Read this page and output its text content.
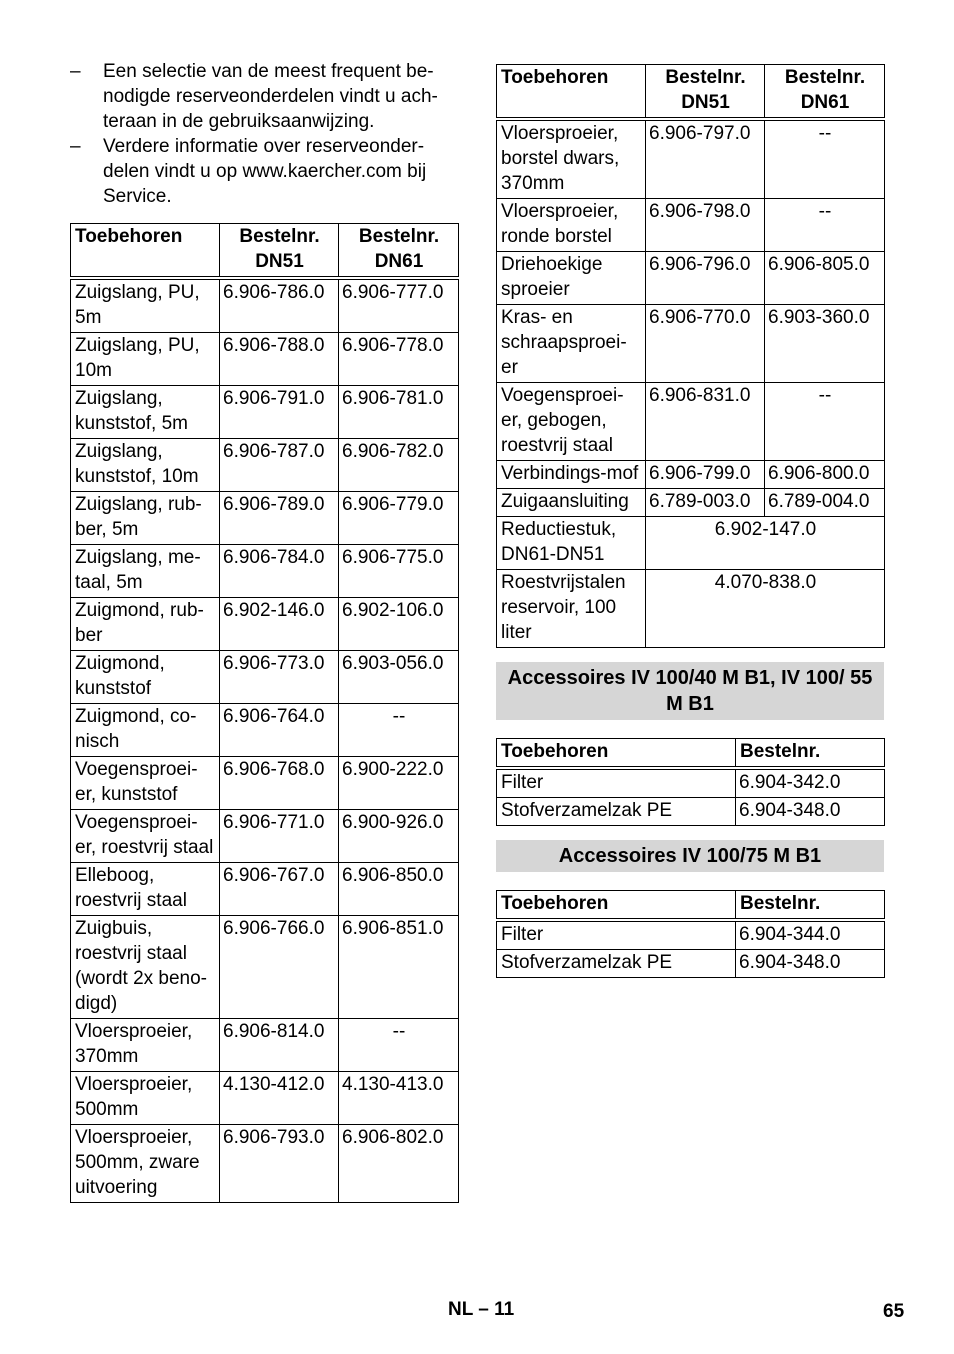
– Een selectie van de meest frequent be-nodigde reserveonderdelen vindt u ach-teraan in de gebruiksaanwijzing.
– Verdere informatie over reserveonder-delen vindt u op www.kaercher.com bij Service.
Toebehoren	Bestelnr. DN51	Bestelnr. DN61
Zuigslang, PU, 5m	6.906-786.0	6.906-777.0
Zuigslang, PU, 10m	6.906-788.0	6.906-778.0
Zuigslang, kunststof, 5m	6.906-791.0	6.906-781.0
Zuigslang, kunststof, 10m	6.906-787.0	6.906-782.0
Zuigslang, rub-ber, 5m	6.906-789.0	6.906-779.0
Zuigslang, me-taal, 5m	6.906-784.0	6.906-775.0
Zuigmond, rub-ber	6.902-146.0	6.902-106.0
Zuigmond, kunststof	6.906-773.0	6.903-056.0
Zuigmond, co-nisch	6.906-764.0	--
Voegensproei-er, kunststof	6.906-768.0	6.900-222.0
Voegensproei-er, roestvrij staal	6.906-771.0	6.900-926.0
Elleboog, roestvrij staal	6.906-767.0	6.906-850.0
Zuigbuis, roestvrij staal (wordt 2x beno-digd)	6.906-766.0	6.906-851.0
Vloersproeier, 370mm	6.906-814.0	--
Vloersproeier, 500mm	4.130-412.0	4.130-413.0
Vloersproeier, 500mm, zware uitvoering	6.906-793.0	6.906-802.0
Toebehoren	Bestelnr. DN51	Bestelnr. DN61
Vloersproeier, borstel dwars, 370mm	6.906-797.0	--
Vloersproeier, ronde borstel	6.906-798.0	--
Driehoekige sproeier	6.906-796.0	6.906-805.0
Kras- en schraapsproei-er	6.906-770.0	6.903-360.0
Voegensproei-er, gebogen, roestvrij staal	6.906-831.0	--
Verbindings-mof	6.906-799.0	6.906-800.0
Zuigaansluiting	6.789-003.0	6.789-004.0
Reductiestuk, DN61-DN51	6.902-147.0	
Roestvrijstalen reservoir, 100 liter	4.070-838.0	
Accessoires IV 100/40 M B1, IV 100/ 55 M B1
Toebehoren	Bestelnr.
Filter	6.904-342.0
Stofverzamelzak PE	6.904-348.0
Accessoires IV 100/75 M B1
Toebehoren	Bestelnr.
Filter	6.904-344.0
Stofverzamelzak PE	6.904-348.0
NL – 11	65
